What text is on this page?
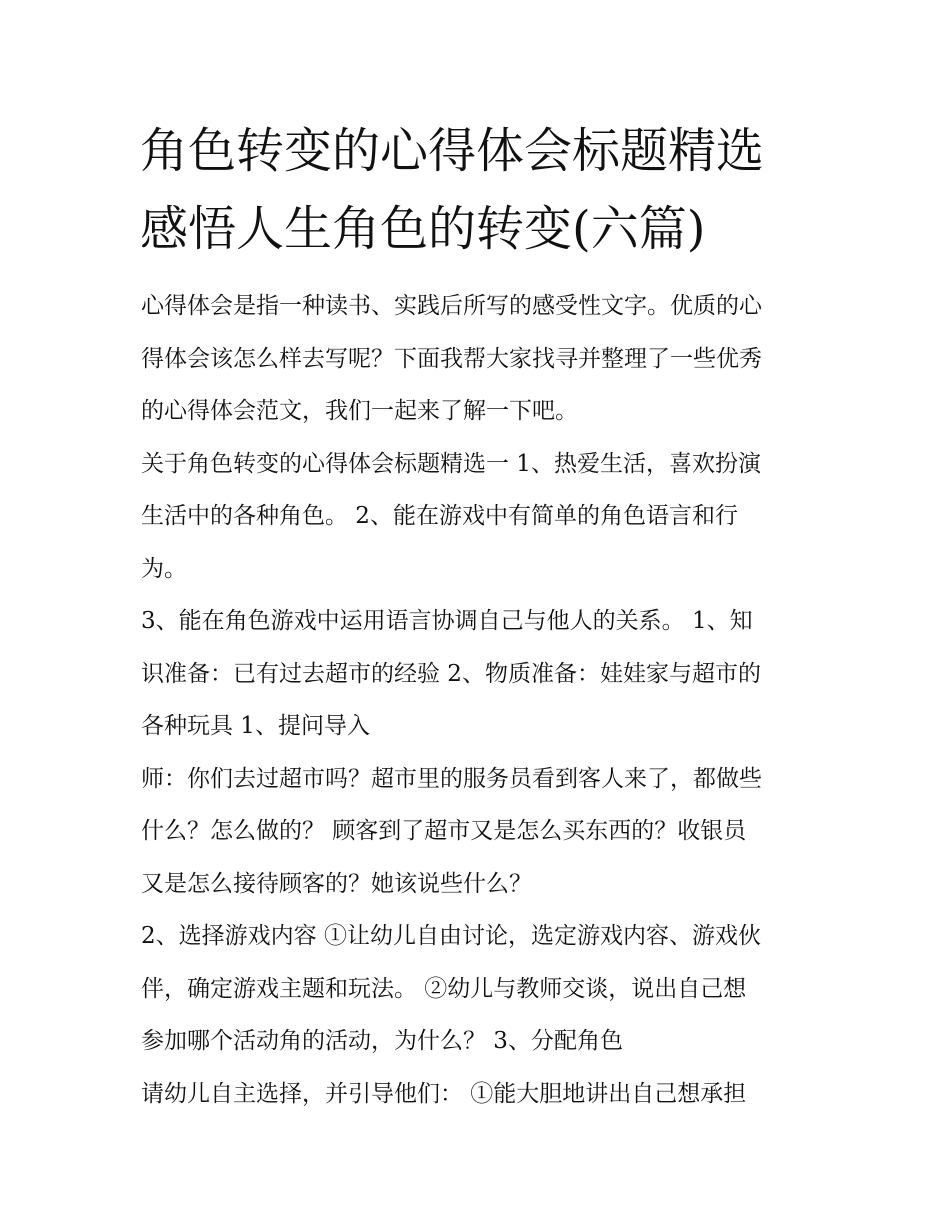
角色转变的心得体会标题精选
感悟人生角色的转变(六篇)
心得体会是指一种读书、实践后所写的感受性文字。优质的心
得体会该怎么样去写呢？下面我帮大家找寻并整理了一些优秀
的心得体会范文，我们一起来了解一下吧。
关于角色转变的心得体会标题精选一 1、热爱生活，喜欢扮演
生活中的各种角色。 2、能在游戏中有简单的角色语言和行
为。
3、能在角色游戏中运用语言协调自己与他人的关系。 1、知
识准备：已有过去超市的经验 2、物质准备：娃娃家与超市的
各种玩具 1、提问导入
师：你们去过超市吗？超市里的服务员看到客人来了，都做些
什么？怎么做的？ 顾客到了超市又是怎么买东西的？收银员
又是怎么接待顾客的？她该说些什么？
2、选择游戏内容 ①让幼儿自由讨论，选定游戏内容、游戏伙
伴，确定游戏主题和玩法。 ②幼儿与教师交谈，说出自己想
参加哪个活动角的活动，为什么？ 3、分配角色
请幼儿自主选择，并引导他们： ①能大胆地讲出自己想承担
